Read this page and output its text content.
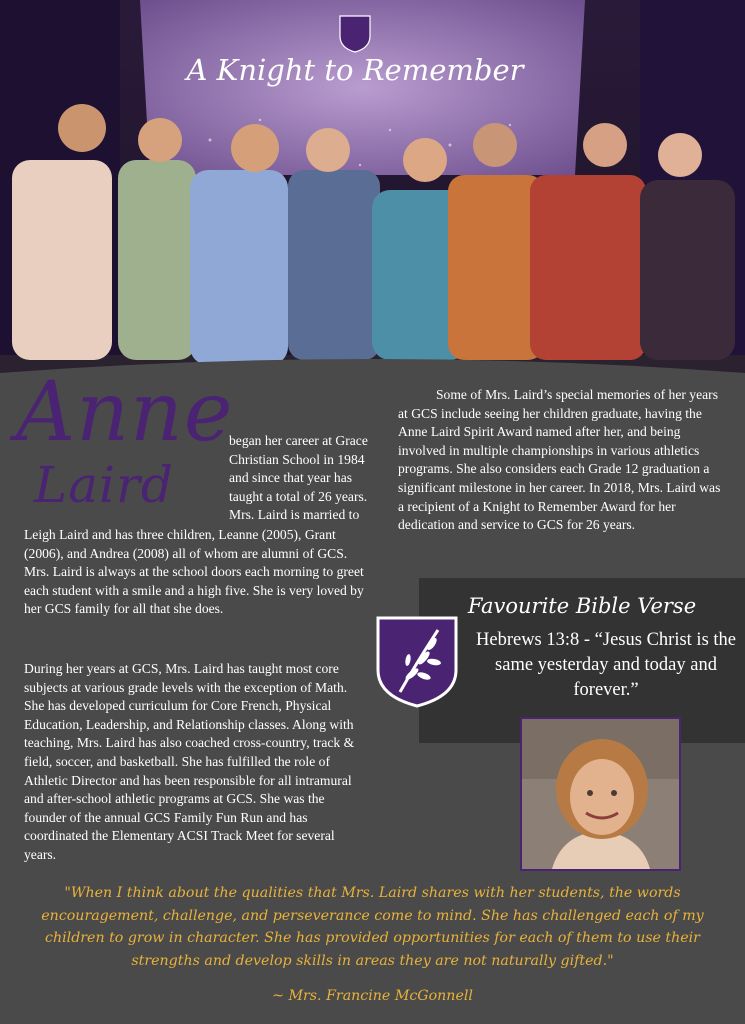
A Knight to Remember
Anne
Laird

began her career at Grace Christian School in 1984 and since that year has taught a total of 26 years. Mrs. Laird is married to

Leigh Laird and has three children, Leanne (2005), Grant (2006), and Andrea (2008) all of whom are alumni of GCS. Mrs. Laird is always at the school doors each morning to greet each student with a smile and a high five. She is very loved by her GCS family for all that she does.

During her years at GCS, Mrs. Laird has taught most core subjects at various grade levels with the exception of Math. She has developed curriculum for Core French, Physical Education, Leadership, and Relationship classes. Along with teaching, Mrs. Laird has also coached cross-country, track & field, soccer, and basketball. She has fulfilled the role of Athletic Director and has been responsible for all intramural and after-school athletic programs at GCS. She was the founder of the annual GCS Family Fun Run and has coordinated the Elementary ACSI Track Meet for several years.

Some of Mrs. Laird’s special memories of her years at GCS include seeing her children graduate, having the Anne Laird Spirit Award named after her, and being involved in multiple championships in various athletics programs. She also considers each Grade 12 graduation a significant milestone in her career. In 2018, Mrs. Laird was a recipient of a Knight to Remember Award for her dedication and service to GCS for 26 years.

Favourite Bible Verse

Hebrews 13:8 - “Jesus Christ is the same yesterday and today and forever.”

"When I think about the qualities that Mrs. Laird shares with her students, the words encouragement, challenge, and perseverance come to mind. She has challenged each of my children to grow in character. She has provided opportunities for each of them to use their strengths and develop skills in areas they are not naturally gifted."

~ Mrs. Francine McGonnell
